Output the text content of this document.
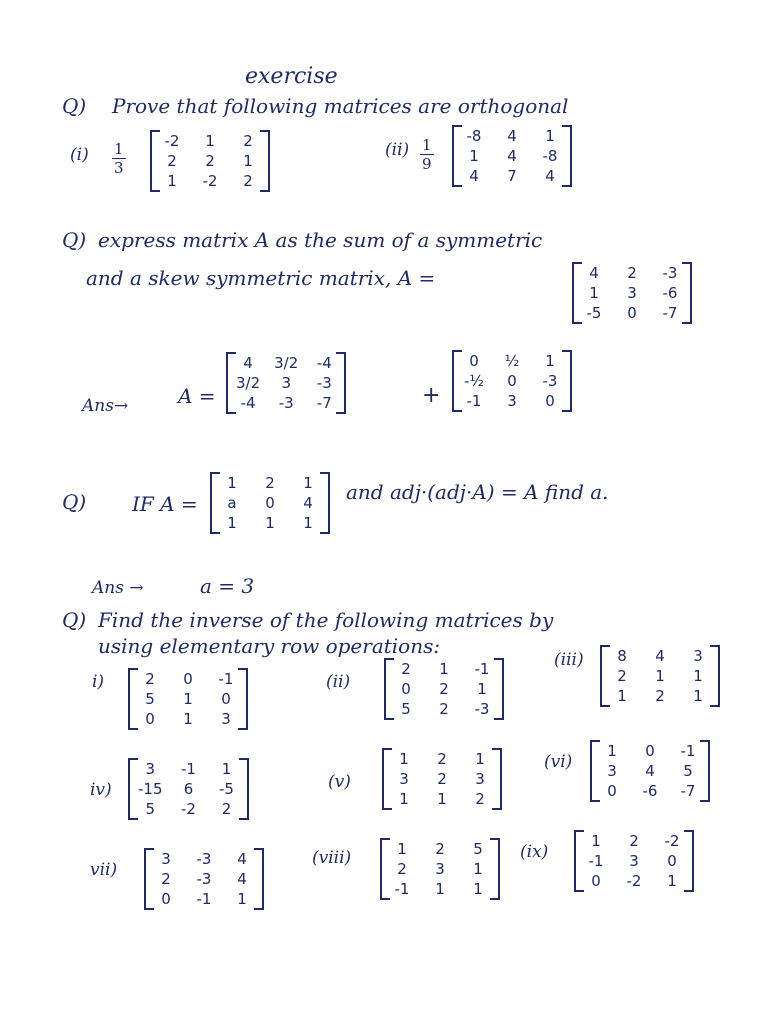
exercise
Q) Prove that following matrices are orthogonal
$(i) \frac{1}{3}$	-2	1	2
2	2	1
1	-2	2
$(ii) \frac{1}{9}$	-8	4	1
1	4	-8
4	7	4
Q) express matrix A as the sum of a symmetric
and a skew symmetric matrix, A =	4	2	-3
1	3	-6
-5	0	-7
Ans→ A =
4	3/2	-4
3/2	3	-3
-4	-3	-7	+
0	½	1
-½	0	-3
-1	3	0
Q) IF A =
1	2	1
a	0	4
1	1	1
and adj·(adj·A) = A find a.
Ans →	a = 3
Q) Find the inverse of the following matrices by
using elementary row operations:
i)	2	0	-1
5	1	0
0	1	3
(ii)
2	1	-1
0	2	1
5	2	-3
(iii)	8	4	3
2	1	1
1	2	1
iv)
3	-1	1
-15	6	-5
5	-2	2
(v)
1	2	1
3	2	3
1	1	2
(vi)
1	0	-1
3	4	5
0	-6	-7
vii)
3	-3	4
2	-3	4
0	-1	1
(viii)	1	2	5
2	3	1
-1	1	1
(ix)
1	2	-2
-1	3	0
0	-2	1
